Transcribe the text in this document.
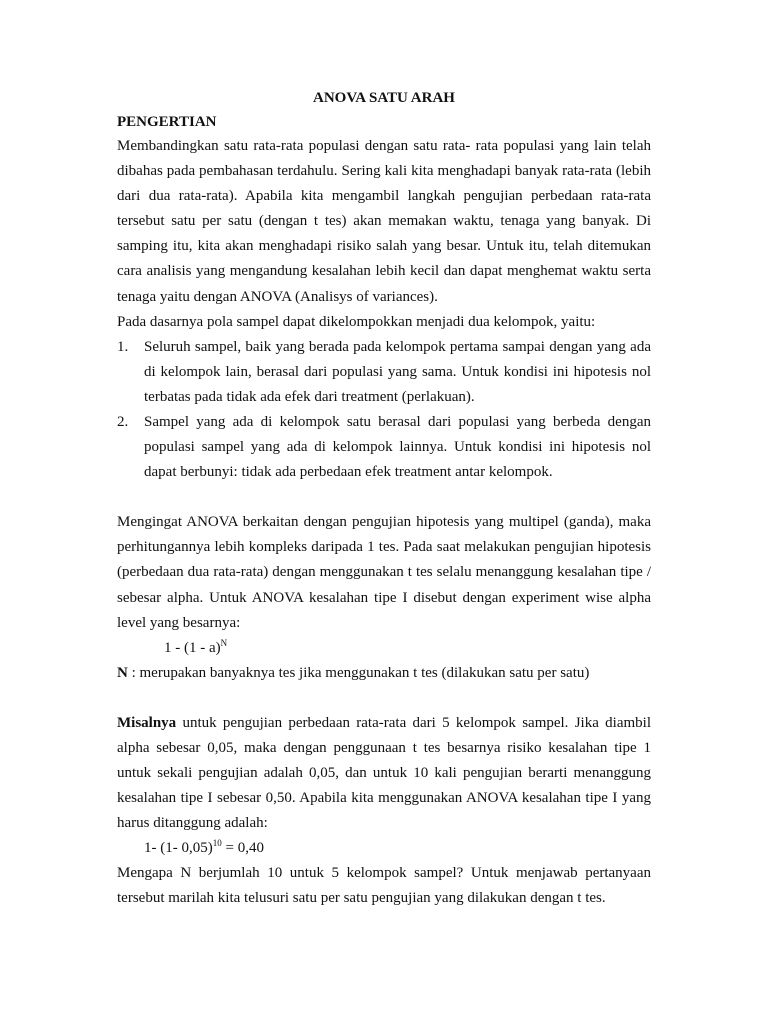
ANOVA SATU ARAH
PENGERTIAN

Membandingkan satu rata-rata populasi dengan satu rata- rata populasi yang lain telah dibahas pada pembahasan terdahulu. Sering kali kita menghadapi banyak rata-rata (lebih dari dua rata-rata). Apabila kita mengambil langkah pengujian perbedaan rata-rata tersebut satu per satu (dengan t tes) akan memakan waktu, tenaga yang banyak. Di samping itu, kita akan menghadapi risiko salah yang besar. Untuk itu, telah ditemukan cara analisis yang mengandung kesalahan lebih kecil dan dapat menghemat waktu serta tenaga yaitu dengan ANOVA (Analisys of variances).

Pada dasarnya pola sampel dapat dikelompokkan menjadi dua kelompok, yaitu:

1. Seluruh sampel, baik yang berada pada kelompok pertama sampai dengan yang ada di kelompok lain, berasal dari populasi yang sama. Untuk kondisi ini hipotesis nol terbatas pada tidak ada efek dari treatment (perlakuan).
2. Sampel yang ada di kelompok satu berasal dari populasi yang berbeda dengan populasi sampel yang ada di kelompok lainnya. Untuk kondisi ini hipotesis nol dapat berbunyi: tidak ada perbedaan efek treatment antar kelompok.

Mengingat ANOVA berkaitan dengan pengujian hipotesis yang multipel (ganda), maka perhitungannya lebih kompleks daripada 1 tes. Pada saat melakukan pengujian hipotesis (perbedaan dua rata-rata) dengan menggunakan t tes selalu menanggung kesalahan tipe / sebesar alpha. Untuk ANOVA kesalahan tipe I disebut dengan experiment wise alpha level yang besarnya:

1 - (1 - a)$^N$

N : merupakan banyaknya tes jika menggunakan t tes (dilakukan satu per satu)

Misalnya untuk pengujian perbedaan rata-rata dari 5 kelompok sampel. Jika diambil alpha sebesar 0,05, maka dengan penggunaan t tes besarnya risiko kesalahan tipe 1 untuk sekali pengujian adalah 0,05, dan untuk 10 kali pengujian berarti menanggung kesalahan tipe I sebesar 0,50. Apabila kita menggunakan ANOVA kesalahan tipe I yang harus ditanggung adalah:

1- (1- 0,05)$^{10}$ = 0,40

Mengapa N berjumlah 10 untuk 5 kelompok sampel? Untuk menjawab pertanyaan tersebut marilah kita telusuri satu per satu pengujian yang dilakukan dengan t tes.
